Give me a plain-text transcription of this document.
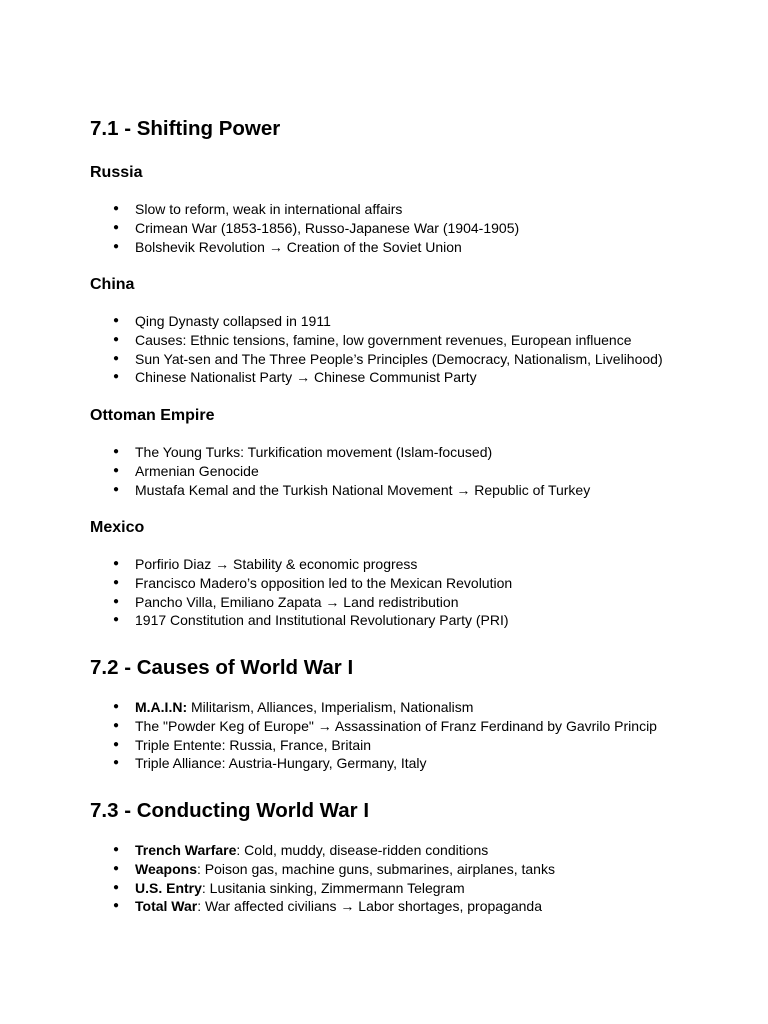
7.1 - Shifting Power
Russia
● Slow to reform, weak in international affairs
● Crimean War (1853-1856), Russo-Japanese War (1904-1905)
● Bolshevik Revolution → Creation of the Soviet Union
China
● Qing Dynasty collapsed in 1911
● Causes: Ethnic tensions, famine, low government revenues, European influence
● Sun Yat-sen and The Three People’s Principles (Democracy, Nationalism, Livelihood)
● Chinese Nationalist Party → Chinese Communist Party
Ottoman Empire
● The Young Turks: Turkification movement (Islam-focused)
● Armenian Genocide
● Mustafa Kemal and the Turkish National Movement → Republic of Turkey
Mexico
● Porfirio Diaz → Stability & economic progress
● Francisco Madero’s opposition led to the Mexican Revolution
● Pancho Villa, Emiliano Zapata → Land redistribution
● 1917 Constitution and Institutional Revolutionary Party (PRI)
7.2 - Causes of World War I
● M.A.I.N: Militarism, Alliances, Imperialism, Nationalism
● The "Powder Keg of Europe" → Assassination of Franz Ferdinand by Gavrilo Princip
● Triple Entente: Russia, France, Britain
● Triple Alliance: Austria-Hungary, Germany, Italy
7.3 - Conducting World War I
● Trench Warfare: Cold, muddy, disease-ridden conditions
● Weapons: Poison gas, machine guns, submarines, airplanes, tanks
● U.S. Entry: Lusitania sinking, Zimmermann Telegram
● Total War: War affected civilians → Labor shortages, propaganda
